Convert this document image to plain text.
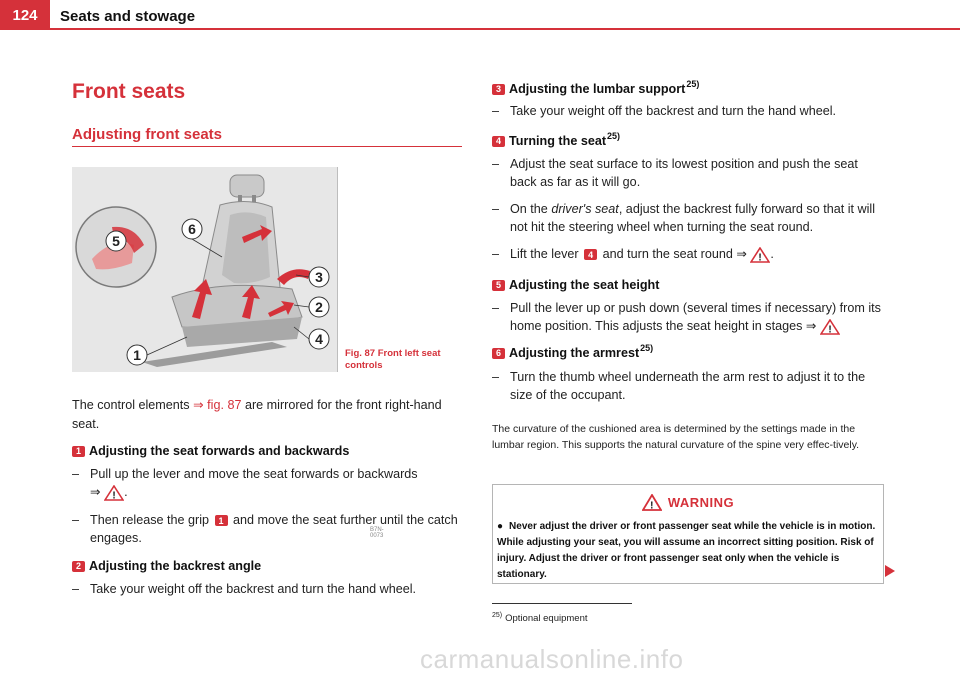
124	Seats and stowage
Front seats
Adjusting front seats
1
2
3
4
5
6
B7N-0073
Fig. 87 Front left seat controls
The control elements ⇒ fig. 87 are mirrored for the front right-hand seat.
1 Adjusting the seat forwards and backwards
– Pull up the lever and move the seat forwards or backwards
⇒ ! .
– Then release the grip 1 and move the seat further until the catch engages.
2 Adjusting the backrest angle
– Take your weight off the backrest and turn the hand wheel.
3 Adjusting the lumbar support$^{25)}$
– Take your weight off the backrest and turn the hand wheel.
4 Turning the seat$^{25)}$
– Adjust the seat surface to its lowest position and push the seat back as far as it will go.
– On the driver's seat, adjust the backrest fully forward so that it will not hit the steering wheel when turning the seat round.
– Lift the lever 4 and turn the seat round ⇒ ! .
5 Adjusting the seat height
– Pull the lever up or push down (several times if necessary) from its home position. This adjusts the seat height in stages ⇒ !
6 Adjusting the armrest$^{25)}$
– Turn the thumb wheel underneath the arm rest to adjust it to the size of the occupant.
The curvature of the cushioned area is determined by the settings made in the lumbar region. This supports the natural curvature of the spine very effec-tively.
! WARNING
● Never adjust the driver or front passenger seat while the vehicle is in motion. While adjusting your seat, you will assume an incorrect sitting position. Risk of injury. Adjust the driver or front passenger seat only when the vehicle is stationary.
$^{25)}$ Optional equipment
carmanualsonline.info
